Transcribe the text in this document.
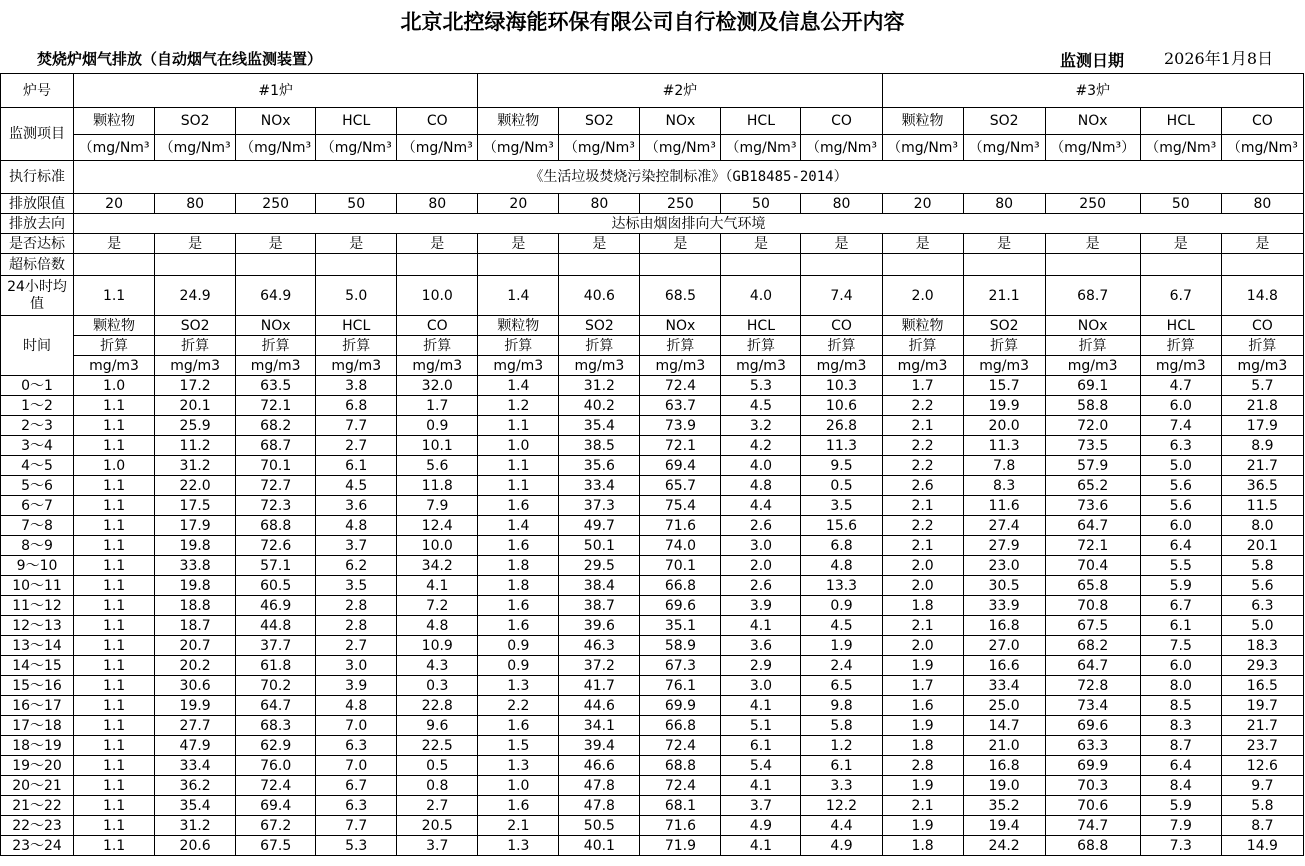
北京北控绿海能环保有限公司自行检测及信息公开内容
焚烧炉烟气排放（自动烟气在线监测装置）	监测日期 2026年1月8日
炉号	#1炉					#2炉					#3炉				
监测项目	颗粒物	SO2	NOx	HCL	CO	颗粒物	SO2	NOx	HCL	CO	颗粒物	SO2	NOx	HCL	CO
	（mg/Nm³	（mg/Nm³	（mg/Nm³	（mg/Nm³	（mg/Nm³	（mg/Nm³	（mg/Nm³	（mg/Nm³	（mg/Nm³	（mg/Nm³	（mg/Nm³	（mg/Nm³	（mg/Nm³）	（mg/Nm³	（mg/Nm³
执行标准	《生活垃圾焚烧污染控制标准》（GB18485-2014）														
排放限值	20	80	250	50	80	20	80	250	50	80	20	80	250	50	80
排放去向	达标由烟囱排向大气环境														
是否达标	是	是	是	是	是	是	是	是	是	是	是	是	是	是	是
超标倍数															

24小时均值	1.1	24.9	64.9	5.0	10.0	1.4	40.6	68.5	4.0	7.4	2.0	21.1	68.7	6.7	14.8
时间	颗粒物	SO2	NOx	HCL	CO	颗粒物	SO2	NOx	HCL	CO	颗粒物	SO2	NOx	HCL	CO
	折算	折算	折算	折算	折算	折算	折算	折算	折算	折算	折算	折算	折算	折算	折算
	mg/m3	mg/m3	mg/m3	mg/m3	mg/m3	mg/m3	mg/m3	mg/m3	mg/m3	mg/m3	mg/m3	mg/m3	mg/m3	mg/m3	mg/m3
0～1	1.0	17.2	63.5	3.8	32.0	1.4	31.2	72.4	5.3	10.3	1.7	15.7	69.1	4.7	5.7
1～2	1.1	20.1	72.1	6.8	1.7	1.2	40.2	63.7	4.5	10.6	2.2	19.9	58.8	6.0	21.8
2～3	1.1	25.9	68.2	7.7	0.9	1.1	35.4	73.9	3.2	26.8	2.1	20.0	72.0	7.4	17.9
3～4	1.1	11.2	68.7	2.7	10.1	1.0	38.5	72.1	4.2	11.3	2.2	11.3	73.5	6.3	8.9
4～5	1.0	31.2	70.1	6.1	5.6	1.1	35.6	69.4	4.0	9.5	2.2	7.8	57.9	5.0	21.7
5～6	1.1	22.0	72.7	4.5	11.8	1.1	33.4	65.7	4.8	0.5	2.6	8.3	65.2	5.6	36.5
6～7	1.1	17.5	72.3	3.6	7.9	1.6	37.3	75.4	4.4	3.5	2.1	11.6	73.6	5.6	11.5
7～8	1.1	17.9	68.8	4.8	12.4	1.4	49.7	71.6	2.6	15.6	2.2	27.4	64.7	6.0	8.0
8～9	1.1	19.8	72.6	3.7	10.0	1.6	50.1	74.0	3.0	6.8	2.1	27.9	72.1	6.4	20.1
9～10	1.1	33.8	57.1	6.2	34.2	1.8	29.5	70.1	2.0	4.8	2.0	23.0	70.4	5.5	5.8
10～11	1.1	19.8	60.5	3.5	4.1	1.8	38.4	66.8	2.6	13.3	2.0	30.5	65.8	5.9	5.6
11～12	1.1	18.8	46.9	2.8	7.2	1.6	38.7	69.6	3.9	0.9	1.8	33.9	70.8	6.7	6.3
12～13	1.1	18.7	44.8	2.8	4.8	1.6	39.6	35.1	4.1	4.5	2.1	16.8	67.5	6.1	5.0
13～14	1.1	20.7	37.7	2.7	10.9	0.9	46.3	58.9	3.6	1.9	2.0	27.0	68.2	7.5	18.3
14～15	1.1	20.2	61.8	3.0	4.3	0.9	37.2	67.3	2.9	2.4	1.9	16.6	64.7	6.0	29.3
15～16	1.1	30.6	70.2	3.9	0.3	1.3	41.7	76.1	3.0	6.5	1.7	33.4	72.8	8.0	16.5
16～17	1.1	19.9	64.7	4.8	22.8	2.2	44.6	69.9	4.1	9.8	1.6	25.0	73.4	8.5	19.7
17～18	1.1	27.7	68.3	7.0	9.6	1.6	34.1	66.8	5.1	5.8	1.9	14.7	69.6	8.3	21.7
18～19	1.1	47.9	62.9	6.3	22.5	1.5	39.4	72.4	6.1	1.2	1.8	21.0	63.3	8.7	23.7
19～20	1.1	33.4	76.0	7.0	0.5	1.3	46.6	68.8	5.4	6.1	2.8	16.8	69.9	6.4	12.6
20～21	1.1	36.2	72.4	6.7	0.8	1.0	47.8	72.4	4.1	3.3	1.9	19.0	70.3	8.4	9.7
21～22	1.1	35.4	69.4	6.3	2.7	1.6	47.8	68.1	3.7	12.2	2.1	35.2	70.6	5.9	5.8
22～23	1.1	31.2	67.2	7.7	20.5	2.1	50.5	71.6	4.9	4.4	1.9	19.4	74.7	7.9	8.7
23～24	1.1	20.6	67.5	5.3	3.7	1.3	40.1	71.9	4.1	4.9	1.8	24.2	68.8	7.3	14.9
